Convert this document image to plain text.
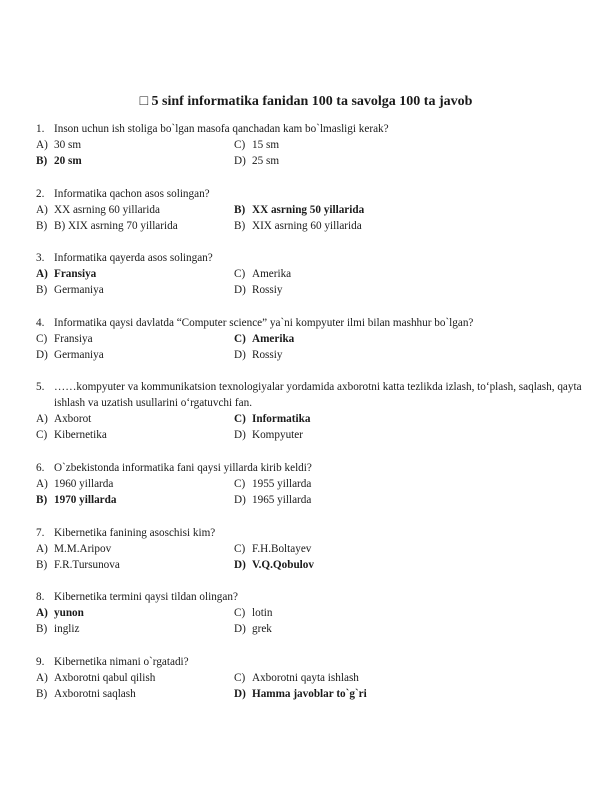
□ 5 sinf informatika fanidan 100 ta savolga 100 ta javob
1. Inson uchun ish stoliga bo`lgan masofa qanchadan kam bo`lmasligi kerak?
A) 30 sm	C) 15 sm
B) 20 sm	D) 25 sm
2. Informatika qachon asos solingan?
A) XX asrning 60 yillarida	B) XX asrning 50 yillarida
B) B) XIX asrning 70 yillarida	B) XIX asrning 60 yillarida
3. Informatika qayerda asos solingan?
A) Fransiya	C) Amerika
B) Germaniya	D) Rossiy
4. Informatika qaysi davlatda “Computer science” ya`ni kompyuter ilmi bilan mashhur bo`lgan?
C) Fransiya	C) Amerika
D) Germaniya	D) Rossiy
5. ……kompyuter va kommunikatsion texnologiyalar yordamida axborotni katta tezlikda izlash, to‘plash, saqlash, qayta ishlash va uzatish usullarini o‘rgatuvchi fan.
A) Axborot	C) Informatika
C) Kibernetika	D) Kompyuter
6. O`zbekistonda informatika fani qaysi yillarda kirib keldi?
A) 1960 yillarda	C) 1955 yillarda
B) 1970 yillarda	D) 1965 yillarda
7. Kibernetika fanining asoschisi kim?
A) M.M.Aripov	C) F.H.Boltayev
B) F.R.Tursunova	D) V.Q.Qobulov
8. Kibernetika termini qaysi tildan olingan?
A) yunon	C) lotin
B) ingliz	D) grek
9. Kibernetika nimani o`rgatadi?
A) Axborotni qabul qilish	C) Axborotni qayta ishlash
B) Axborotni saqlash	D) Hamma javoblar to`g`ri
